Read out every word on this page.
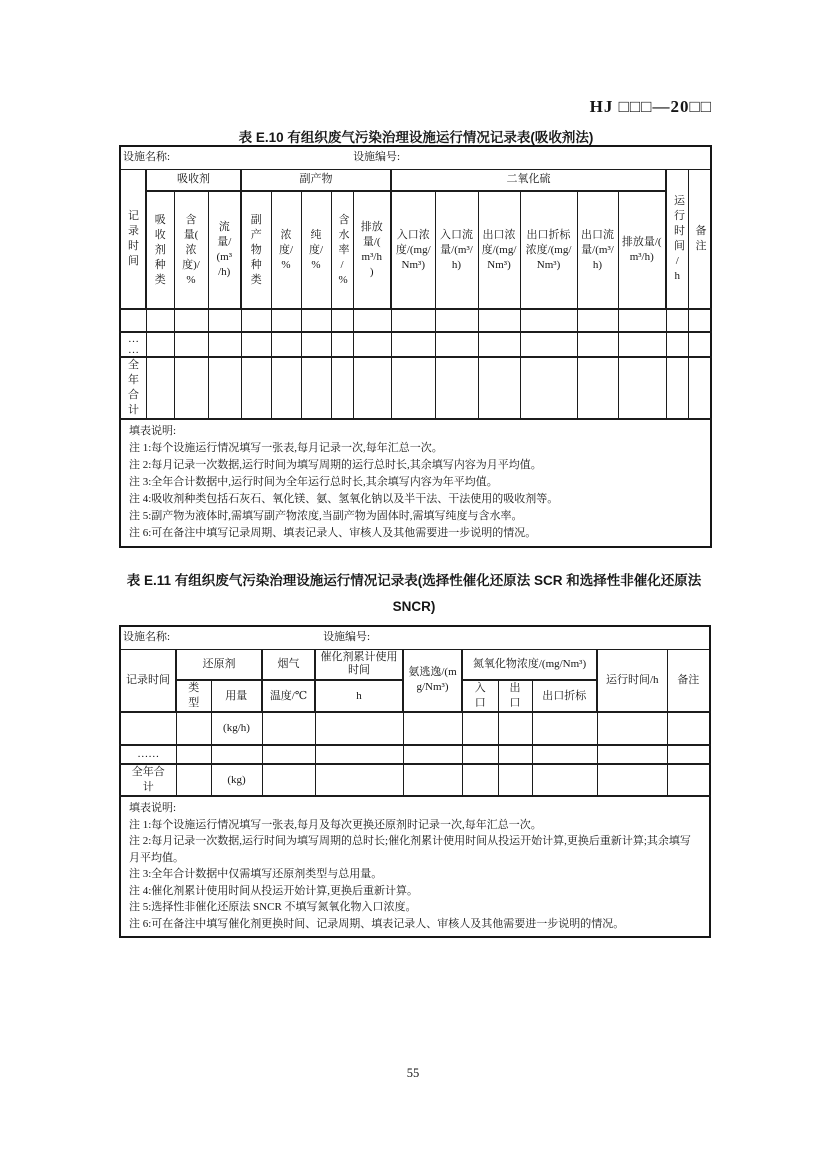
HJ □□□—20□□
表 E.10 有组织废气污染治理设施运行情况记录表(吸收剂法)
设施名称: 设施编号:																

记录时间	吸收剂			副产物					二氧化硫						运行时间/h	备注
	吸收剂种类	含量(浓度)/%	流量/(m³/h)	副产物种类	浓度/%	纯度/%	含水率/%	排放量/(m³/h)	入口浓度/(mg/Nm³)	入口流量/(m³/h)	出口浓度/(mg/Nm³)	出口折标浓度/(mg/Nm³)	出口流量/(m³/h)	排放量/(m³/h)		

……																
全年合计																

填表说明:
注 1:每个设施运行情况填写一张表,每月记录一次,每年汇总一次。
注 2:每月记录一次数据,运行时间为填写周期的运行总时长,其余填写内容为月平均值。
注 3:全年合计数据中,运行时间为全年运行总时长,其余填写内容为年平均值。
注 4:吸收剂种类包括石灰石、氧化镁、氨、氢氧化钠以及半干法、干法使用的吸收剂等。
注 5:副产物为液体时,需填写副产物浓度,当副产物为固体时,需填写纯度与含水率。
注 6:可在备注中填写记录周期、填表记录人、审核人及其他需要进一步说明的情况。
表 E.11 有组织废气污染治理设施运行情况记录表(选择性催化还原法 SCR 和选择性非催化还原法 SNCR)
设施名称: 设施编号:										

记录时间	还原剂		烟气	催化剂累计使用时间	氨逃逸/(mg/Nm³)	氮氧化物浓度/(mg/Nm³)			运行时间/h	备注
	类型	用量	温度/℃	h		入口	出口	出口折标		
		(kg/h)								
……										
全年合计		(kg)								

填表说明:
注 1:每个设施运行情况填写一张表,每月及每次更换还原剂时记录一次,每年汇总一次。
注 2:每月记录一次数据,运行时间为填写周期的总时长;催化剂累计使用时间从投运开始计算,更换后重新计算;其余填写月平均值。
注 3:全年合计数据中仅需填写还原剂类型与总用量。
注 4:催化剂累计使用时间从投运开始计算,更换后重新计算。
注 5:选择性非催化还原法 SNCR 不填写氮氧化物入口浓度。
注 6:可在备注中填写催化剂更换时间、记录周期、填表记录人、审核人及其他需要进一步说明的情况。
55
